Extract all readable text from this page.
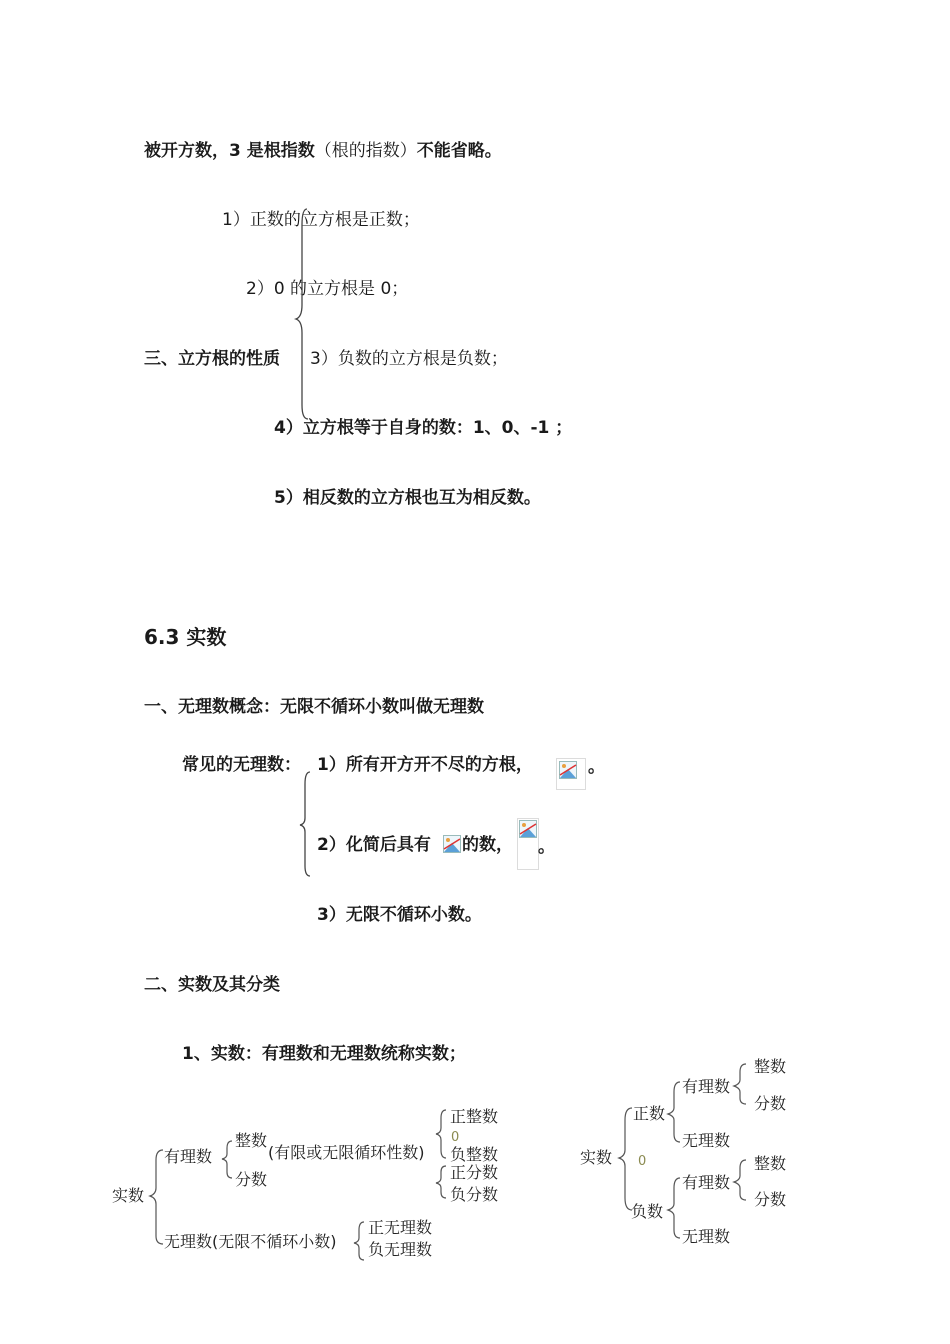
被开方数，3 是根指数（根的指数）不能省略。
1）正数的立方根是正数；
2）0 的立方根是 0；
三、立方根的性质 3）负数的立方根是负数；
4）立方根等于自身的数：1、0、-1 ；
5）相反数的立方根也互为相反数。
6.3 实数
一、无理数概念：无限不循环小数叫做无理数
常见的无理数： 1）所有开方开不尽的方根，	。
2）化简后具有 的数， 。
3）无限不循环小数。
二、实数及其分类
1、实数：有理数和无理数统称实数；
实数
有理数
整数
分数
(有限或无限循环性数)
正整数
0
负整数
正分数
负分数
无理数 (无限不循环小数)
正无理数
负无理数
实数
正数
0
负数
有理数
整数
分数
无理数
有理数
整数
分数
无理数
